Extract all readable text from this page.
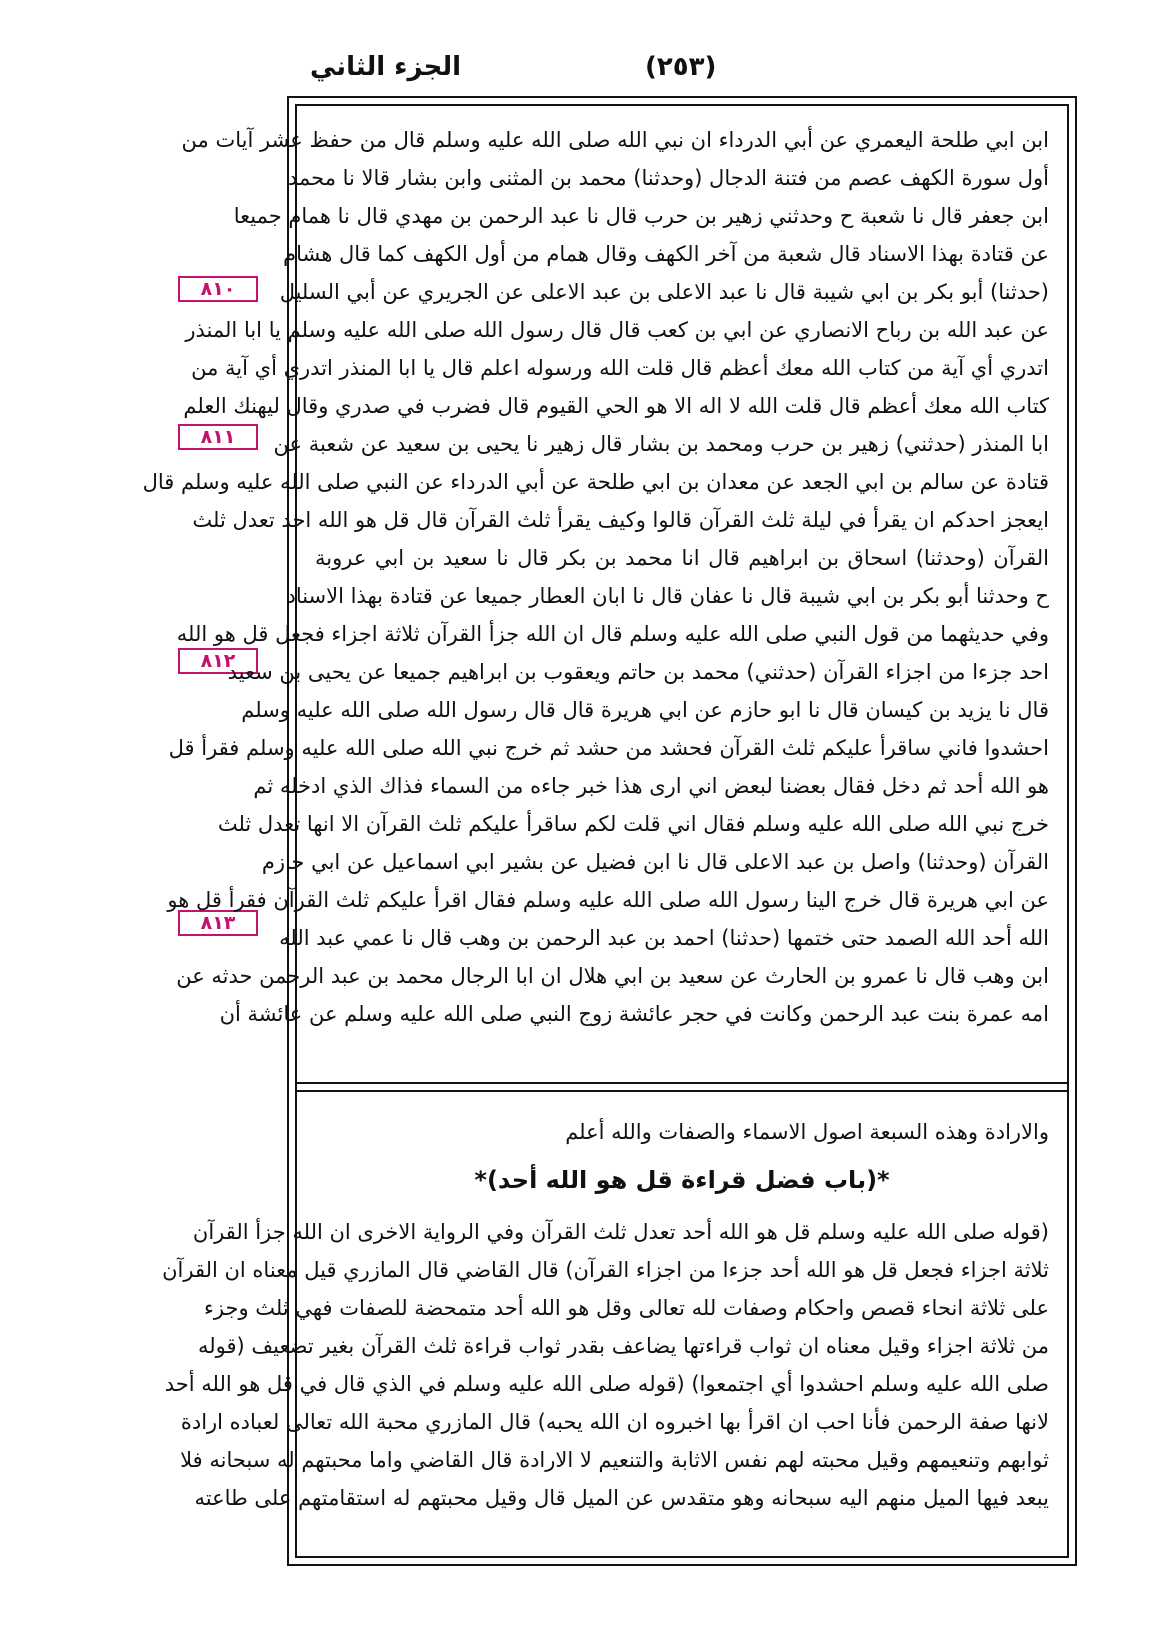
الجزء الثاني	(٢٥٣)
٨١٠
٨١١
٨١٢
٨١٣
ابن ابي طلحة اليعمري عن أبي الدرداء ان نبي الله صلى الله عليه وسلم قال من حفظ عشر آيات من
أول سورة الكهف عصم من فتنة الدجال (وحدثنا) محمد بن المثنى وابن بشار قالا نا محمد
ابن جعفر قال نا شعبة ح وحدثني زهير بن حرب قال نا عبد الرحمن بن مهدي قال نا همام جميعا
عن قتادة بهذا الاسناد قال شعبة من آخر الكهف وقال همام من أول الكهف كما قال هشام
(حدثنا) أبو بكر بن ابي شيبة قال نا عبد الاعلى بن عبد الاعلى عن الجريري عن أبي السليل
عن عبد الله بن رباح الانصاري عن ابي بن كعب قال قال رسول الله صلى الله عليه وسلم يا ابا المنذر
اتدري أي آية من كتاب الله معك أعظم قال قلت الله ورسوله اعلم قال يا ابا المنذر اتدري أي آية من
كتاب الله معك أعظم قال قلت الله لا اله الا هو الحي القيوم قال فضرب في صدري وقال ليهنك العلم
ابا المنذر (حدثني) زهير بن حرب ومحمد بن بشار قال زهير نا يحيى بن سعيد عن شعبة عن
قتادة عن سالم بن ابي الجعد عن معدان بن ابي طلحة عن أبي الدرداء عن النبي صلى الله عليه وسلم قال
ايعجز احدكم ان يقرأ في ليلة ثلث القرآن قالوا وكيف يقرأ ثلث القرآن قال قل هو الله احد تعدل ثلث
القرآن (وحدثنا) اسحاق بن ابراهيم قال انا محمد بن بكر قال نا سعيد بن ابي عروبة
ح وحدثنا أبو بكر بن ابي شيبة قال نا عفان قال نا ابان العطار جميعا عن قتادة بهذا الاسناد
وفي حديثهما من قول النبي صلى الله عليه وسلم قال ان الله جزأ القرآن ثلاثة اجزاء فجعل قل هو الله
احد جزءا من اجزاء القرآن (حدثني) محمد بن حاتم ويعقوب بن ابراهيم جميعا عن يحيى بن سعيد
قال نا يزيد بن كيسان قال نا ابو حازم عن ابي هريرة قال قال رسول الله صلى الله عليه وسلم
احشدوا فاني ساقرأ عليكم ثلث القرآن فحشد من حشد ثم خرج نبي الله صلى الله عليه وسلم فقرأ قل
هو الله أحد ثم دخل فقال بعضنا لبعض اني ارى هذا خبر جاءه من السماء فذاك الذي ادخله ثم
خرج نبي الله صلى الله عليه وسلم فقال اني قلت لكم ساقرأ عليكم ثلث القرآن الا انها تعدل ثلث
القرآن (وحدثنا) واصل بن عبد الاعلى قال نا ابن فضيل عن بشير ابي اسماعيل عن ابي حازم
عن ابي هريرة قال خرج الينا رسول الله صلى الله عليه وسلم فقال اقرأ عليكم ثلث القرآن فقرأ قل هو
الله أحد الله الصمد حتى ختمها (حدثنا) احمد بن عبد الرحمن بن وهب قال نا عمي عبد الله
ابن وهب قال نا عمرو بن الحارث عن سعيد بن ابي هلال ان ابا الرجال محمد بن عبد الرحمن حدثه عن
امه عمرة بنت عبد الرحمن وكانت في حجر عائشة زوج النبي صلى الله عليه وسلم عن عائشة أن
والارادة وهذه السبعة اصول الاسماء والصفات والله أعلم
*(باب فضل قراءة قل هو الله أحد)*
(قوله صلى الله عليه وسلم قل هو الله أحد تعدل ثلث القرآن وفي الرواية الاخرى ان الله جزأ القرآن
ثلاثة اجزاء فجعل قل هو الله أحد جزءا من اجزاء القرآن) قال القاضي قال المازري قيل معناه ان القرآن
على ثلاثة انحاء قصص واحكام وصفات لله تعالى وقل هو الله أحد متمحضة للصفات فهي ثلث وجزء
من ثلاثة اجزاء وقيل معناه ان ثواب قراءتها يضاعف بقدر ثواب قراءة ثلث القرآن بغير تضعيف (قوله
صلى الله عليه وسلم احشدوا أي اجتمعوا) (قوله صلى الله عليه وسلم في الذي قال في قل هو الله أحد
لانها صفة الرحمن فأنا احب ان اقرأ بها اخبروه ان الله يحبه) قال المازري محبة الله تعالى لعباده ارادة
ثوابهم وتنعيمهم وقيل محبته لهم نفس الاثابة والتنعيم لا الارادة قال القاضي واما محبتهم له سبحانه فلا
يبعد فيها الميل منهم اليه سبحانه وهو متقدس عن الميل قال وقيل محبتهم له استقامتهم على طاعته
